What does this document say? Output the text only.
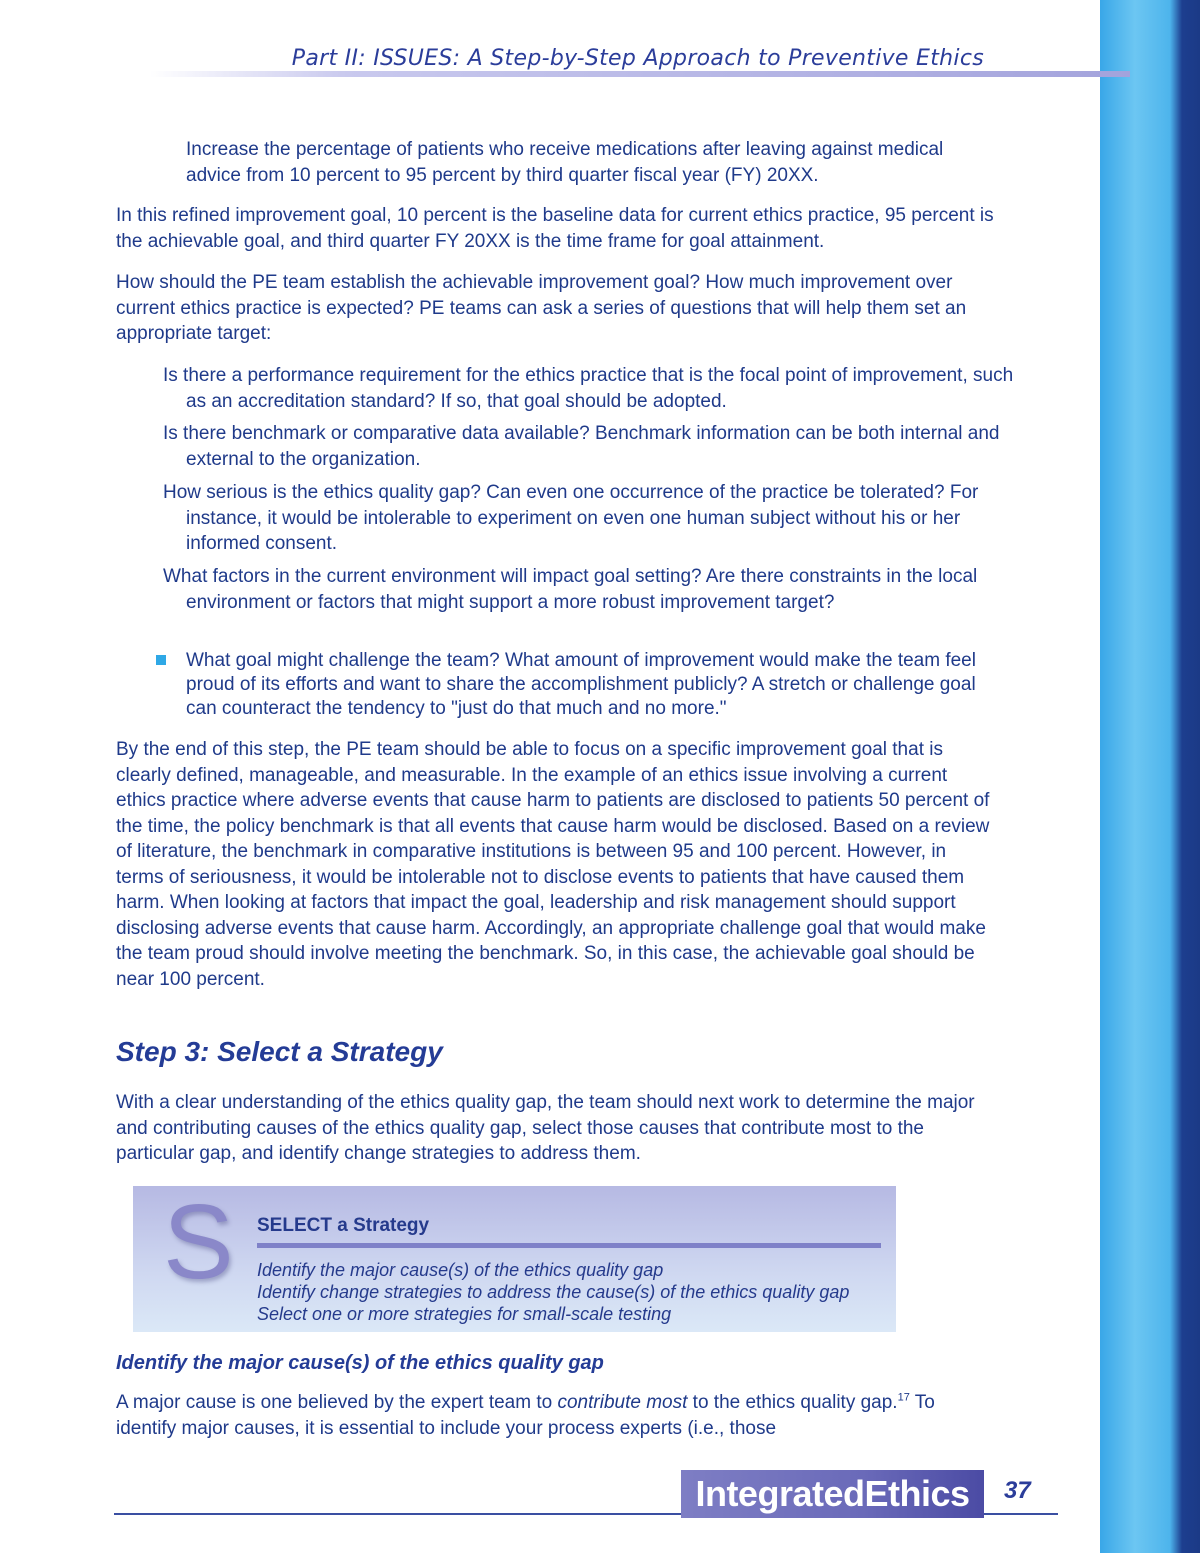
Part II: ISSUES: A Step-by-Step Approach to Preventive Ethics

Increase the percentage of patients who receive medications after leaving against medical advice from 10 percent to 95 percent by third quarter fiscal year (FY) 20XX.

In this refined improvement goal, 10 percent is the baseline data for current ethics practice, 95 percent is the achievable goal, and third quarter FY 20XX is the time frame for goal attainment.

How should the PE team establish the achievable improvement goal? How much improvement over current ethics practice is expected? PE teams can ask a series of questions that will help them set an appropriate target:

Is there a performance requirement for the ethics practice that is the focal point of improvement, such as an accreditation standard? If so, that goal should be adopted.

Is there benchmark or comparative data available? Benchmark information can be both internal and external to the organization.

How serious is the ethics quality gap? Can even one occurrence of the practice be tolerated? For instance, it would be intolerable to experiment on even one human subject without his or her informed consent.

What factors in the current environment will impact goal setting? Are there constraints in the local environment or factors that might support a more robust improvement target?

What goal might challenge the team? What amount of improvement would make the team feel proud of its efforts and want to share the accomplishment publicly? A stretch or challenge goal can counteract the tendency to "just do that much and no more."

By the end of this step, the PE team should be able to focus on a specific improvement goal that is clearly defined, manageable, and measurable. In the example of an ethics issue involving a current ethics practice where adverse events that cause harm to patients are disclosed to patients 50 percent of the time, the policy benchmark is that all events that cause harm would be disclosed. Based on a review of literature, the benchmark in comparative institutions is between 95 and 100 percent. However, in terms of seriousness, it would be intolerable not to disclose events to patients that have caused them harm. When looking at factors that impact the goal, leadership and risk management should support disclosing adverse events that cause harm. Accordingly, an appropriate challenge goal that would make the team proud should involve meeting the benchmark. So, in this case, the achievable goal should be near 100 percent.

Step 3: Select a Strategy

With a clear understanding of the ethics quality gap, the team should next work to determine the major and contributing causes of the ethics quality gap, select those causes that contribute most to the particular gap, and identify change strategies to address them.

S SELECT a Strategy
Identify the major cause(s) of the ethics quality gap
Identify change strategies to address the cause(s) of the ethics quality gap
Select one or more strategies for small-scale testing
Identify the major cause(s) of the ethics quality gap

A major cause is one believed by the expert team to contribute most to the ethics quality gap.$^{17}$ To identify major causes, it is essential to include your process experts (i.e., those

IntegratedEthics	37
